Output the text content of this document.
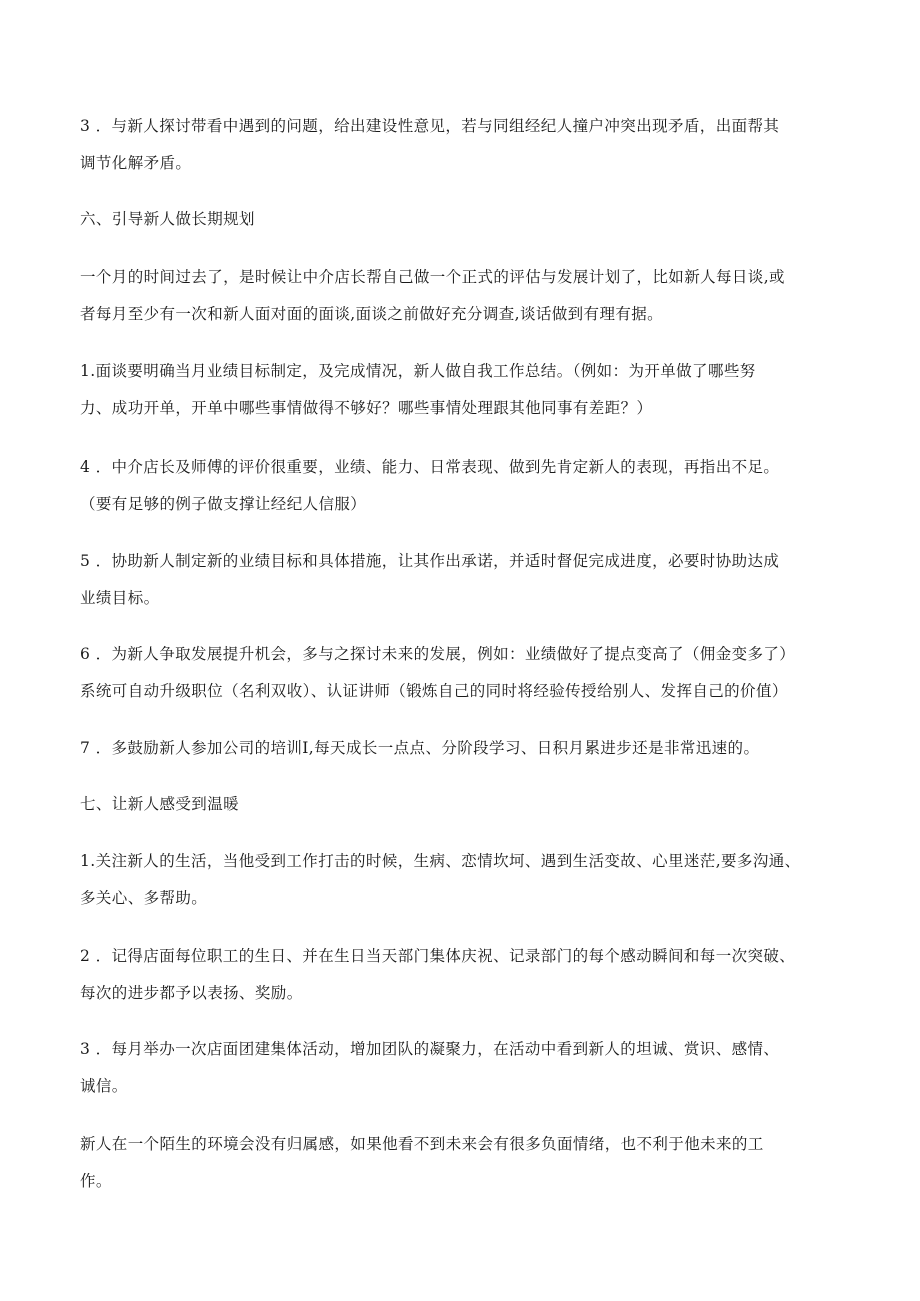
3 ．与新人探讨带看中遇到的问题，给出建设性意见，若与同组经纪人撞户冲突出现矛盾，出面帮其
调节化解矛盾。

六、引导新人做长期规划

一个月的时间过去了，是时候让中介店长帮自己做一个正式的评估与发展计划了，比如新人每日谈,或
者每月至少有一次和新人面对面的面谈,面谈之前做好充分调查,谈话做到有理有据。

1.面谈要明确当月业绩目标制定，及完成情况，新人做自我工作总结。（例如：为开单做了哪些努
力、成功开单，开单中哪些事情做得不够好？哪些事情处理跟其他同事有差距？）

4 ．中介店长及师傅的评价很重要，业绩、能力、日常表现、做到先肯定新人的表现，再指出不足。
（要有足够的例子做支撑让经纪人信服）

5 ．协助新人制定新的业绩目标和具体措施，让其作出承诺，并适时督促完成进度，必要时协助达成
业绩目标。

6 ．为新人争取发展提升机会，多与之探讨未来的发展，例如：业绩做好了提点变高了（佣金变多了）
系统可自动升级职位（名利双收）、认证讲师（锻炼自己的同时将经验传授给别人、发挥自己的价值）

7 ．多鼓励新人参加公司的培训I,每天成长一点点、分阶段学习、日积月累进步还是非常迅速的。

七、让新人感受到温暖

1.关注新人的生活，当他受到工作打击的时候，生病、恋情坎坷、遇到生活变故、心里迷茫,要多沟通、
多关心、多帮助。

2 ．记得店面每位职工的生日、并在生日当天部门集体庆祝、记录部门的每个感动瞬间和每一次突破、
每次的进步都予以表扬、奖励。

3 ．每月举办一次店面团建集体活动，增加团队的凝聚力，在活动中看到新人的坦诚、赏识、感情、
诚信。

新人在一个陌生的环境会没有归属感，如果他看不到未来会有很多负面情绪，也不利于他未来的工
作。
